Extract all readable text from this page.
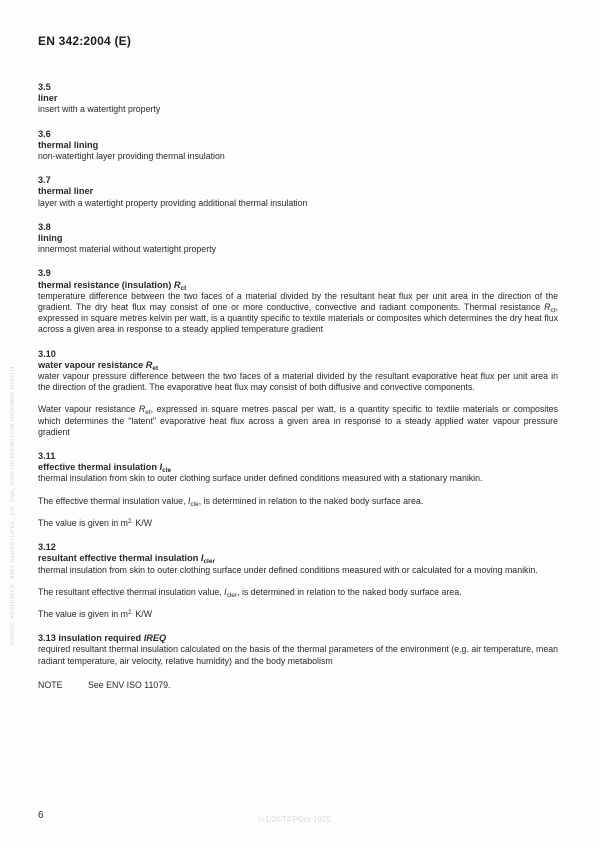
EN 342:2004 (E)
PUBLIC RESOURCE, 9342 SEBASTOPOL, CA, USA, 1005 GRAVENSTEIN HIGHWAY NORTH
3.5
liner
insert with a watertight property
3.6
thermal lining
non-watertight layer providing thermal insulation
3.7
thermal liner
layer with a watertight property providing additional thermal insulation
3.8
lining
innermost material without watertight property
3.9
thermal resistance (insulation) $R_{ct}$
temperature difference between the two faces of a material divided by the resultant heat flux per unit area in the direction of the gradient. The dry heat flux may consist of one or more conductive, convective and radiant components. Thermal resistance $R_{ct}$, expressed in square metres kelvin per watt, is a quantity specific to textile materials or composites which determines the dry heat flux across a given area in response to a steady applied temperature gradient
3.10
water vapour resistance $R_{et}$
water vapour pressure difference between the two faces of a material divided by the resultant evaporative heat flux per unit area in the direction of the gradient. The evaporative heat flux may consist of both diffusive and convective components.
Water vapour resistance $R_{et}$, expressed in square metres pascal per watt, is a quantity specific to textile materials or composites which determines the "latent" evaporative heat flux across a given area in response to a steady applied water vapour pressure gradient
3.11
effective thermal insulation $I_{cle}$
thermal insulation from skin to outer clothing surface under defined conditions measured with a stationary manikin.
The effective thermal insulation value, $I_{cle}$, is determined in relation to the naked body surface area.
The value is given in $m^{2.}$ K/W
3.12
resultant effective thermal insulation $I_{cler}$
thermal insulation from skin to outer clothing surface under defined conditions measured with or calculated for a moving manikin.
The resultant effective thermal insulation value, $I_{cler}$, is determined in relation to the naked body surface area.
The value is given in $m^{2.}$ K/W
3.13 insulation required IREQ
required resultant thermal insulation calculated on the basis of the thermal parameters of the environment (e.g. air temperature, mean radiant temperature, air velocity, relative humidity) and the body metabolism
NOTE	See ENV ISO 11079.
6	I=1/2©T©P©m 1925
